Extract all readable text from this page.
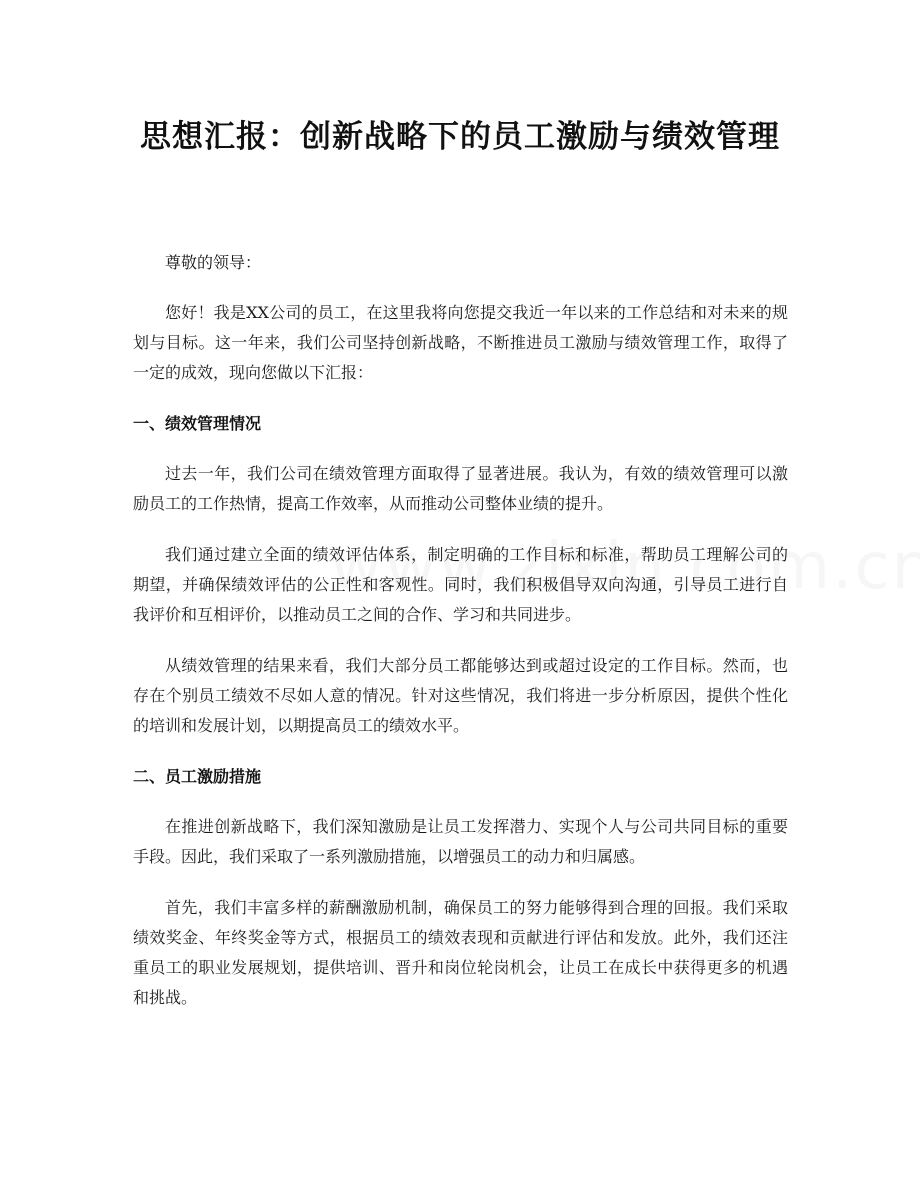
思想汇报：创新战略下的员工激励与绩效管理

尊敬的领导：

您好！我是XX公司的员工，在这里我将向您提交我近一年以来的工作总结和对未来的规划与目标。这一年来，我们公司坚持创新战略，不断推进员工激励与绩效管理工作，取得了一定的成效，现向您做以下汇报：

一、绩效管理情况

过去一年，我们公司在绩效管理方面取得了显著进展。我认为，有效的绩效管理可以激励员工的工作热情，提高工作效率，从而推动公司整体业绩的提升。

我们通过建立全面的绩效评估体系，制定明确的工作目标和标准，帮助员工理解公司的期望，并确保绩效评估的公正性和客观性。同时，我们积极倡导双向沟通，引导员工进行自我评价和互相评价，以推动员工之间的合作、学习和共同进步。

从绩效管理的结果来看，我们大部分员工都能够达到或超过设定的工作目标。然而，也存在个别员工绩效不尽如人意的情况。针对这些情况，我们将进一步分析原因，提供个性化的培训和发展计划，以期提高员工的绩效水平。

二、员工激励措施

在推进创新战略下，我们深知激励是让员工发挥潜力、实现个人与公司共同目标的重要手段。因此，我们采取了一系列激励措施，以增强员工的动力和归属感。

首先，我们丰富多样的薪酬激励机制，确保员工的努力能够得到合理的回报。我们采取绩效奖金、年终奖金等方式，根据员工的绩效表现和贡献进行评估和发放。此外，我们还注重员工的职业发展规划，提供培训、晋升和岗位轮岗机会，让员工在成长中获得更多的机遇和挑战。
